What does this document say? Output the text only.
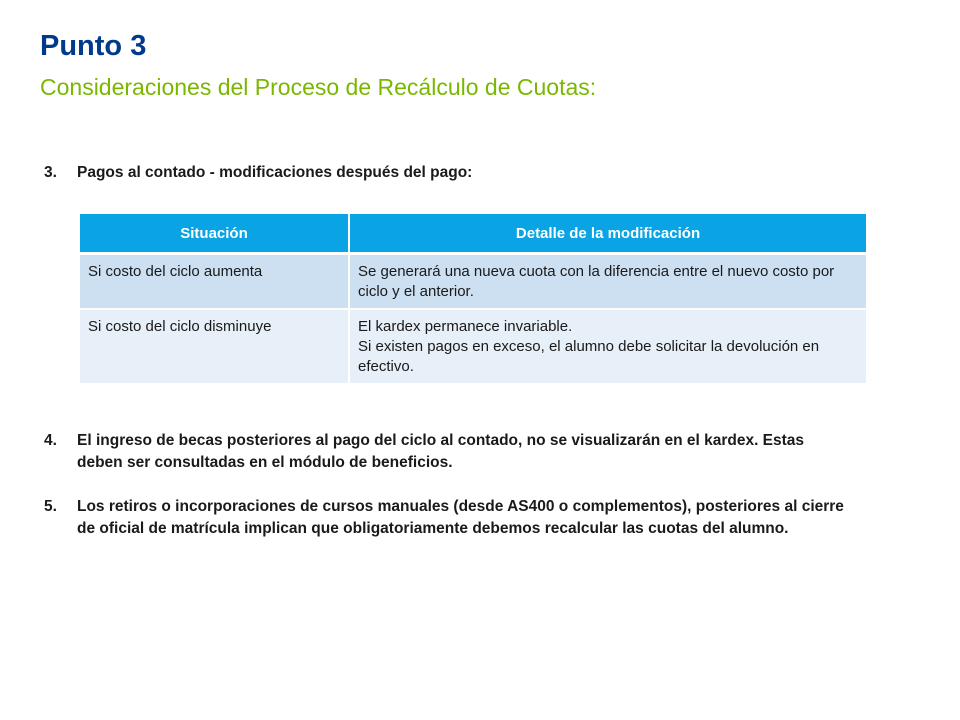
Punto 3
Consideraciones del Proceso de Recálculo de Cuotas:
3.	Pagos al contado - modificaciones después del pago:
Situación	Detalle de la modificación
Si costo del ciclo aumenta	Se generará una nueva cuota con la diferencia entre el nuevo costo por ciclo y el anterior.

Si costo del ciclo disminuye	El kardex permanece invariable.
Si existen pagos en exceso, el alumno debe solicitar la devolución en efectivo.
4.	El ingreso de becas posteriores al pago del ciclo al contado, no se visualizarán en el kardex. Estas deben ser consultadas en el módulo de beneficios.
5.	Los retiros o incorporaciones de cursos manuales (desde AS400 o complementos), posteriores al cierre de oficial de matrícula implican que obligatoriamente debemos recalcular las cuotas del alumno.
